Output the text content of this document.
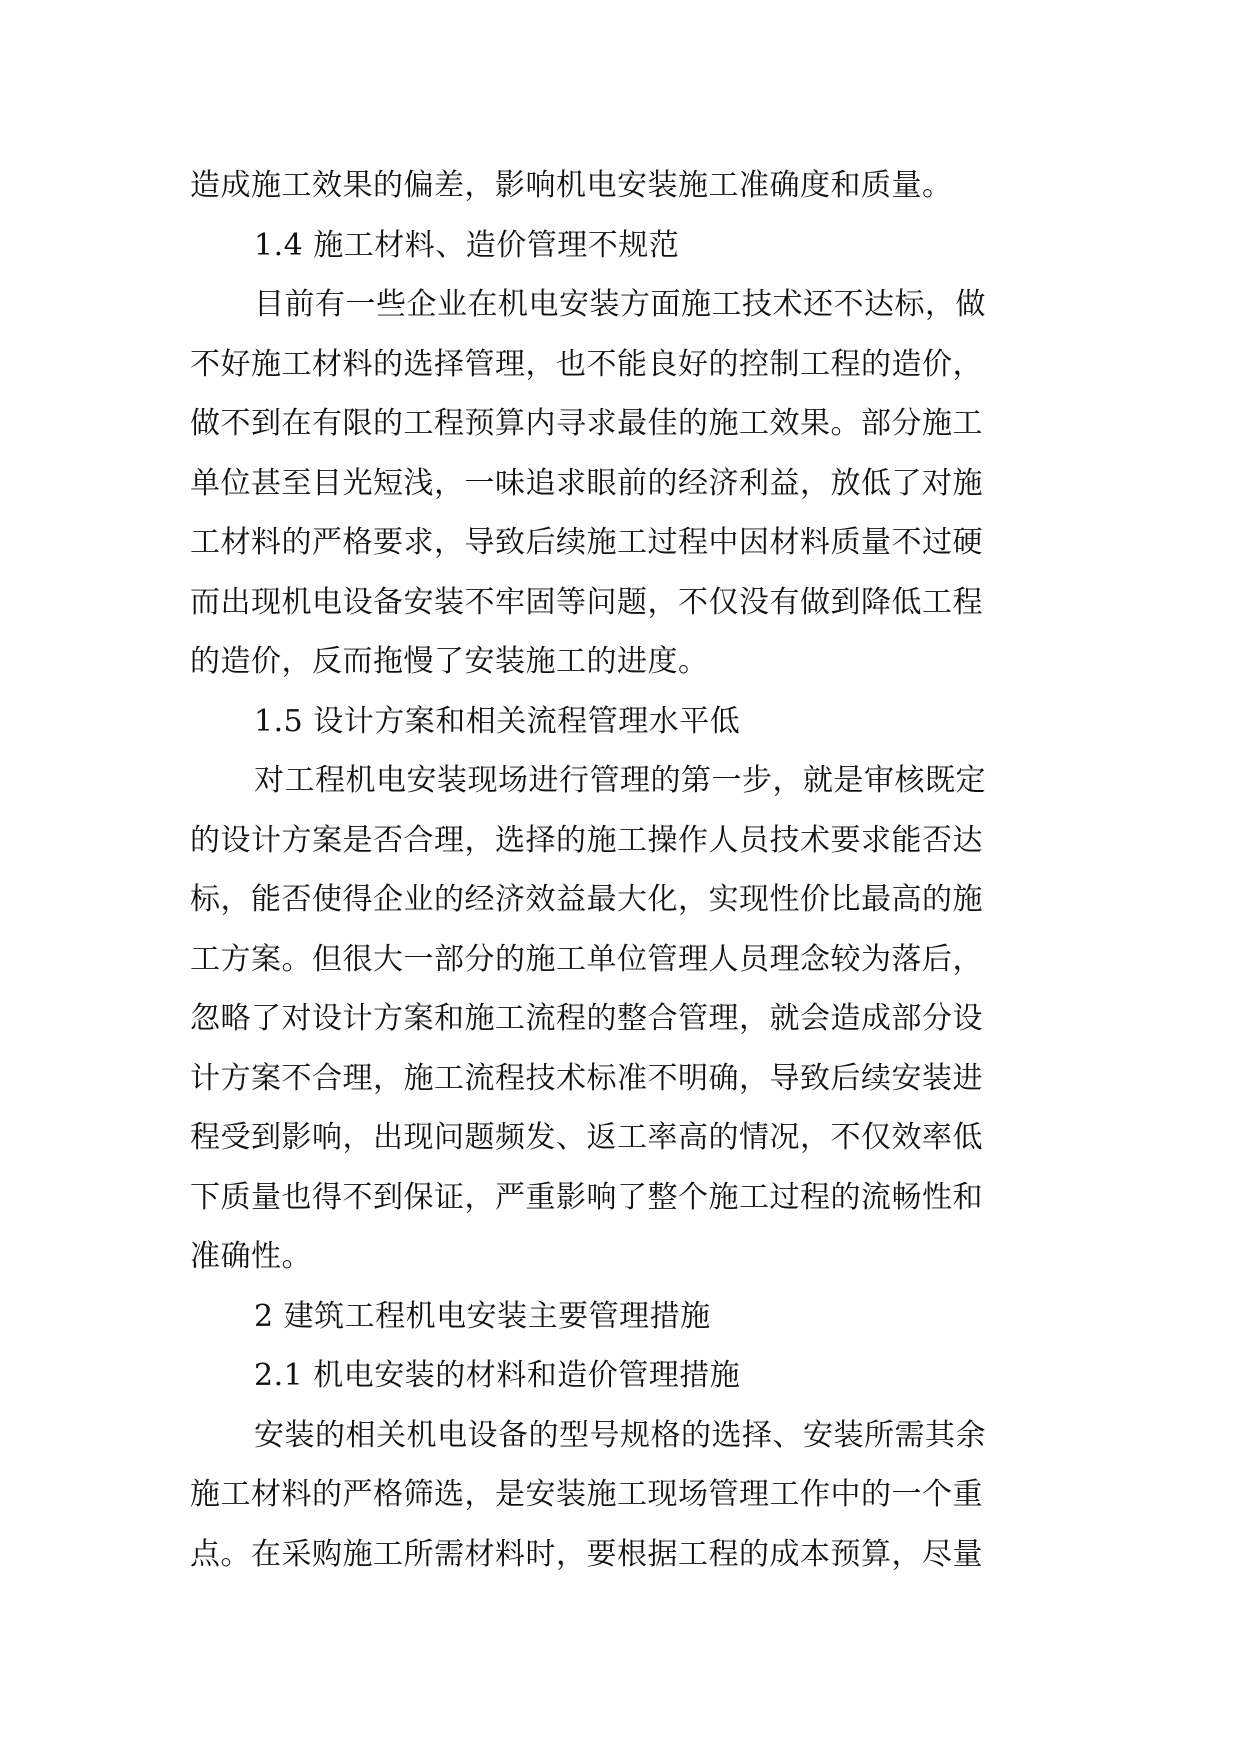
造成施工效果的偏差，影响机电安装施工准确度和质量。
1.4 施工材料、造价管理不规范
目前有一些企业在机电安装方面施工技术还不达标，做
不好施工材料的选择管理，也不能良好的控制工程的造价，
做不到在有限的工程预算内寻求最佳的施工效果。部分施工
单位甚至目光短浅，一味追求眼前的经济利益，放低了对施
工材料的严格要求，导致后续施工过程中因材料质量不过硬
而出现机电设备安装不牢固等问题，不仅没有做到降低工程
的造价，反而拖慢了安装施工的进度。
1.5 设计方案和相关流程管理水平低
对工程机电安装现场进行管理的第一步，就是审核既定
的设计方案是否合理，选择的施工操作人员技术要求能否达
标，能否使得企业的经济效益最大化，实现性价比最高的施
工方案。但很大一部分的施工单位管理人员理念较为落后，
忽略了对设计方案和施工流程的整合管理，就会造成部分设
计方案不合理，施工流程技术标准不明确，导致后续安装进
程受到影响，出现问题频发、返工率高的情况，不仅效率低
下质量也得不到保证，严重影响了整个施工过程的流畅性和
准确性。
2 建筑工程机电安装主要管理措施
2.1 机电安装的材料和造价管理措施
安装的相关机电设备的型号规格的选择、安装所需其余
施工材料的严格筛选，是安装施工现场管理工作中的一个重
点。在采购施工所需材料时，要根据工程的成本预算，尽量
